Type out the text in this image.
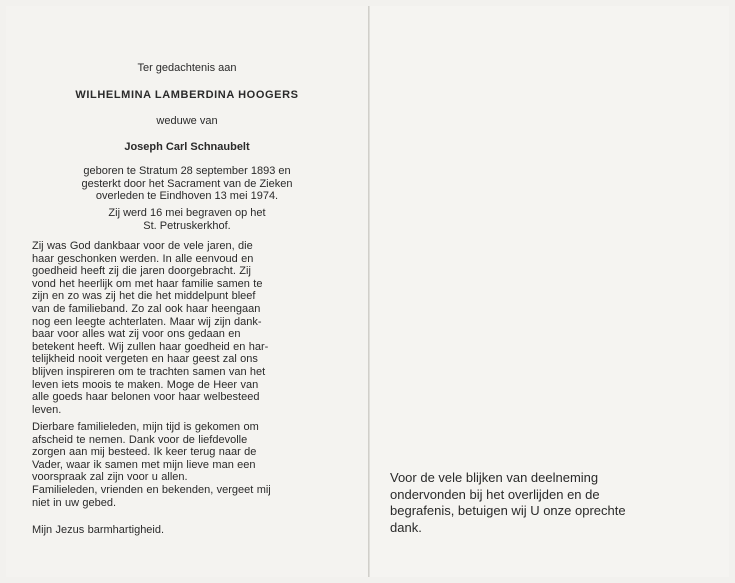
Ter gedachtenis aan
WILHELMINA LAMBERDINA HOOGERS
weduwe van
Joseph Carl Schnaubelt
geboren te Stratum 28 september 1893 en
gesterkt door het Sacrament van de Zieken
overleden te Eindhoven 13 mei 1974.
Zij werd 16 mei begraven op het
St. Petruskerkhof.
Zij was God dankbaar voor de vele jaren, die
haar geschonken werden. In alle eenvoud en
goedheid heeft zij die jaren doorgebracht. Zij
vond het heerlijk om met haar familie samen te
zijn en zo was zij het die het middelpunt bleef
van de familieband. Zo zal ook haar heengaan
nog een leegte achterlaten. Maar wij zijn dank-
baar voor alles wat zij voor ons gedaan en
betekent heeft. Wij zullen haar goedheid en har-
telijkheid nooit vergeten en haar geest zal ons
blijven inspireren om te trachten samen van het
leven iets moois te maken. Moge de Heer van
alle goeds haar belonen voor haar welbesteed
leven.
Dierbare familieleden, mijn tijd is gekomen om
afscheid te nemen. Dank voor de liefdevolle
zorgen aan mij besteed. Ik keer terug naar de
Vader, waar ik samen met mijn lieve man een
voorspraak zal zijn voor u allen.
Familieleden, vrienden en bekenden, vergeet mij
niet in uw gebed.
Mijn Jezus barmhartigheid.
Voor de vele blijken van deelneming
ondervonden bij het overlijden en de
begrafenis, betuigen wij U onze oprechte
dank.
